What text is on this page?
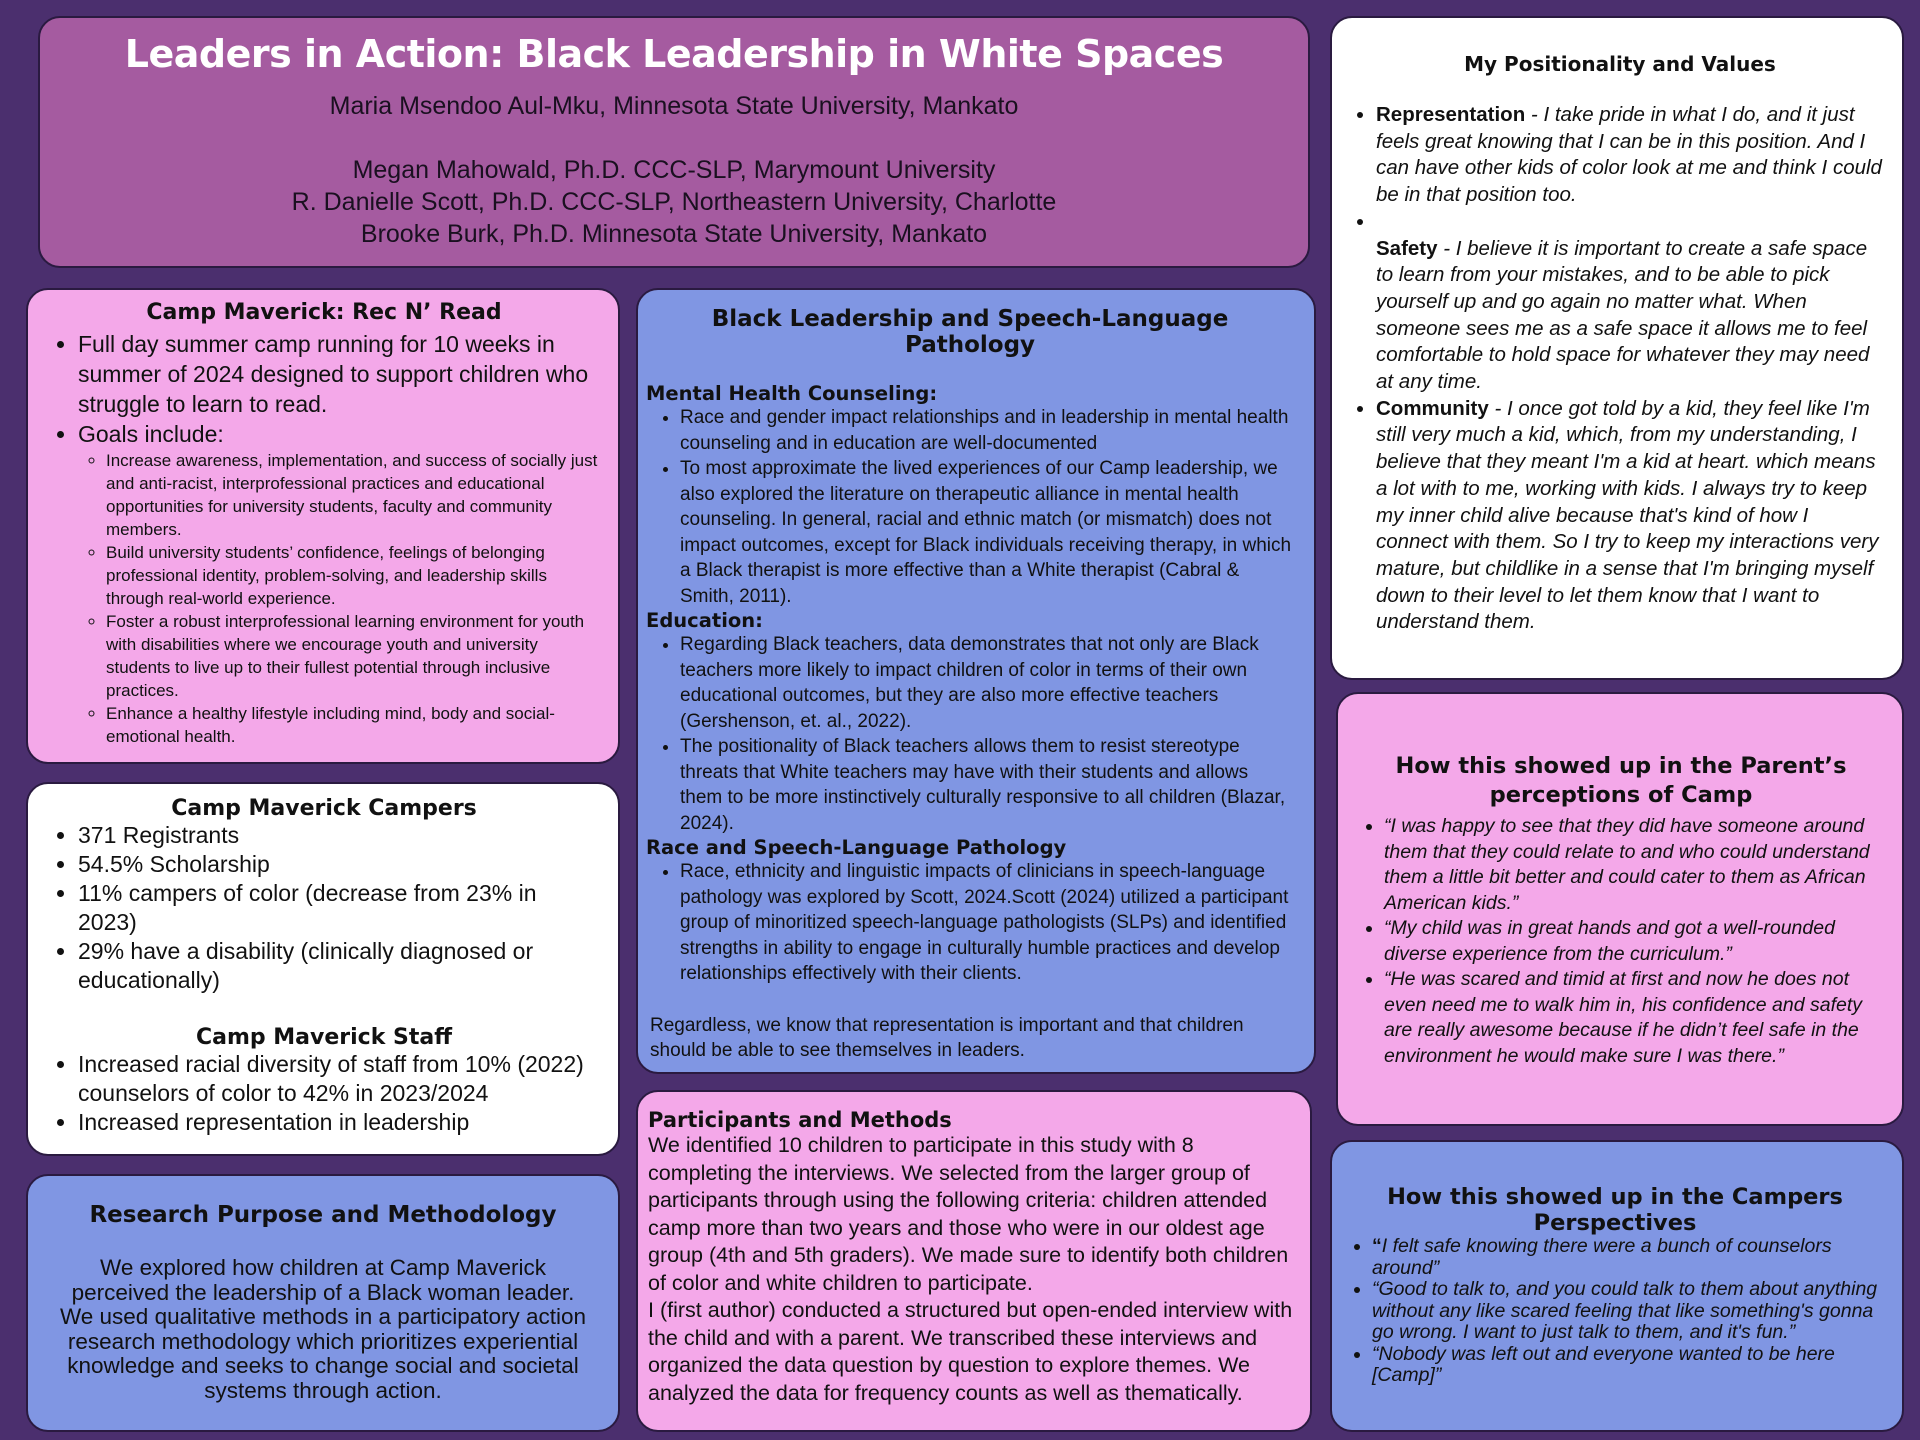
Leaders in Action: Black Leadership in White Spaces
Maria Msendoo Aul-Mku, Minnesota State University, Mankato
Megan Mahowald, Ph.D. CCC-SLP, Marymount University
R. Danielle Scott, Ph.D. CCC-SLP, Northeastern University, Charlotte
Brooke Burk, Ph.D. Minnesota State University, Mankato
Camp Maverick: Rec N’ Read
• Full day summer camp running for 10 weeks in summer of 2024 designed to support children who struggle to learn to read.
• Goals include:
◦ Increase awareness, implementation, and success of socially just and anti-racist, interprofessional practices and educational opportunities for university students, faculty and community members.
◦ Build university students’ confidence, feelings of belonging professional identity, problem-solving, and leadership skills through real-world experience.
◦ Foster a robust interprofessional learning environment for youth with disabilities where we encourage youth and university students to live up to their fullest potential through inclusive practices.
◦ Enhance a healthy lifestyle including mind, body and social-emotional health.
Camp Maverick Campers
• 371 Registrants
• 54.5% Scholarship
• 11% campers of color (decrease from 23% in 2023)
• 29% have a disability (clinically diagnosed or educationally)
Camp Maverick Staff
• Increased racial diversity of staff from 10% (2022) counselors of color to 42% in 2023/2024
• Increased representation in leadership
Research Purpose and Methodology

We explored how children at Camp Maverick perceived the leadership of a Black woman leader. We used qualitative methods in a participatory action research methodology which prioritizes experiential knowledge and seeks to change social and societal systems through action.

Black Leadership and Speech-Language Pathology
Mental Health Counseling:
• Race and gender impact relationships and in leadership in mental health counseling and in education are well-documented
• To most approximate the lived experiences of our Camp leadership, we also explored the literature on therapeutic alliance in mental health counseling. In general, racial and ethnic match (or mismatch) does not impact outcomes, except for Black individuals receiving therapy, in which a Black therapist is more effective than a White therapist (Cabral & Smith, 2011).
Education:
• Regarding Black teachers, data demonstrates that not only are Black teachers more likely to impact children of color in terms of their own educational outcomes, but they are also more effective teachers (Gershenson, et. al., 2022).
• The positionality of Black teachers allows them to resist stereotype threats that White teachers may have with their students and allows them to be more instinctively culturally responsive to all children (Blazar, 2024).
Race and Speech-Language Pathology
• Race, ethnicity and linguistic impacts of clinicians in speech-language pathology was explored by Scott, 2024.Scott (2024) utilized a participant group of minoritized speech-language pathologists (SLPs) and identified strengths in ability to engage in culturally humble practices and develop relationships effectively with their clients.

Regardless, we know that representation is important and that children should be able to see themselves in leaders.

Participants and Methods

We identified 10 children to participate in this study with 8 completing the interviews. We selected from the larger group of participants through using the following criteria: children attended camp more than two years and those who were in our oldest age group (4th and 5th graders). We made sure to identify both children of color and white children to participate.

I (first author) conducted a structured but open-ended interview with the child and with a parent. We transcribed these interviews and organized the data question by question to explore themes. We analyzed the data for frequency counts as well as thematically.

My Positionality and Values
• Representation - I take pride in what I do, and it just feels great knowing that I can be in this position. And I can have other kids of color look at me and think I could be in that position too.

• Safety - I believe it is important to create a safe space to learn from your mistakes, and to be able to pick yourself up and go again no matter what. When someone sees me as a safe space it allows me to feel comfortable to hold space for whatever they may need at any time.
• Community - I once got told by a kid, they feel like I'm still very much a kid, which, from my understanding, I believe that they meant I'm a kid at heart. which means a lot with to me, working with kids. I always try to keep my inner child alive because that's kind of how I connect with them. So I try to keep my interactions very mature, but childlike in a sense that I'm bringing myself down to their level to let them know that I want to understand them.
How this showed up in the Parent’s perceptions of Camp
• “I was happy to see that they did have someone around them that they could relate to and who could understand them a little bit better and could cater to them as African American kids.”
• “My child was in great hands and got a well-rounded diverse experience from the curriculum.”
• “He was scared and timid at first and now he does not even need me to walk him in, his confidence and safety are really awesome because if he didn’t feel safe in the environment he would make sure I was there.”
How this showed up in the Campers Perspectives
• “I felt safe knowing there were a bunch of counselors around”
• “Good to talk to, and you could talk to them about anything without any like scared feeling that like something's gonna go wrong. I want to just talk to them, and it's fun.”
• “Nobody was left out and everyone wanted to be here [Camp]”
